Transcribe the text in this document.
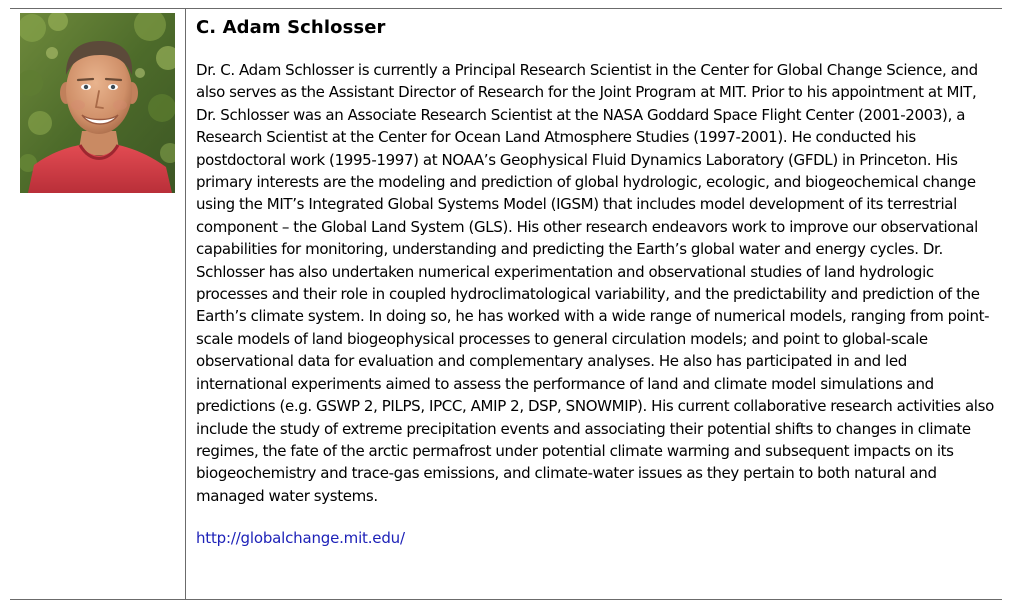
C. Adam Schlosser

Dr. C. Adam Schlosser is currently a Principal Research Scientist in the Center for Global Change Science, and also serves as the Assistant Director of Research for the Joint Program at MIT. Prior to his appointment at MIT, Dr. Schlosser was an Associate Research Scientist at the NASA Goddard Space Flight Center (2001-2003), a Research Scientist at the Center for Ocean Land Atmosphere Studies (1997-2001). He conducted his postdoctoral work (1995-1997) at NOAA’s Geophysical Fluid Dynamics Laboratory (GFDL) in Princeton. His primary interests are the modeling and prediction of global hydrologic, ecologic, and biogeochemical change using the MIT’s Integrated Global Systems Model (IGSM) that includes model development of its terrestrial component – the Global Land System (GLS). His other research endeavors work to improve our observational capabilities for monitoring, understanding and predicting the Earth’s global water and energy cycles. Dr. Schlosser has also undertaken numerical experimentation and observational studies of land hydrologic processes and their role in coupled hydroclimatological variability, and the predictability and prediction of the Earth’s climate system. In doing so, he has worked with a wide range of numerical models, ranging from point-scale models of land biogeophysical processes to general circulation models; and point to global-scale observational data for evaluation and complementary analyses. He also has participated in and led international experiments aimed to assess the performance of land and climate model simulations and predictions (e.g. GSWP 2, PILPS, IPCC, AMIP 2, DSP, SNOWMIP). His current collaborative research activities also include the study of extreme precipitation events and associating their potential shifts to changes in climate regimes, the fate of the arctic permafrost under potential climate warming and subsequent impacts on its biogeochemistry and trace-gas emissions, and climate-water issues as they pertain to both natural and managed water systems.

http://globalchange.mit.edu/
